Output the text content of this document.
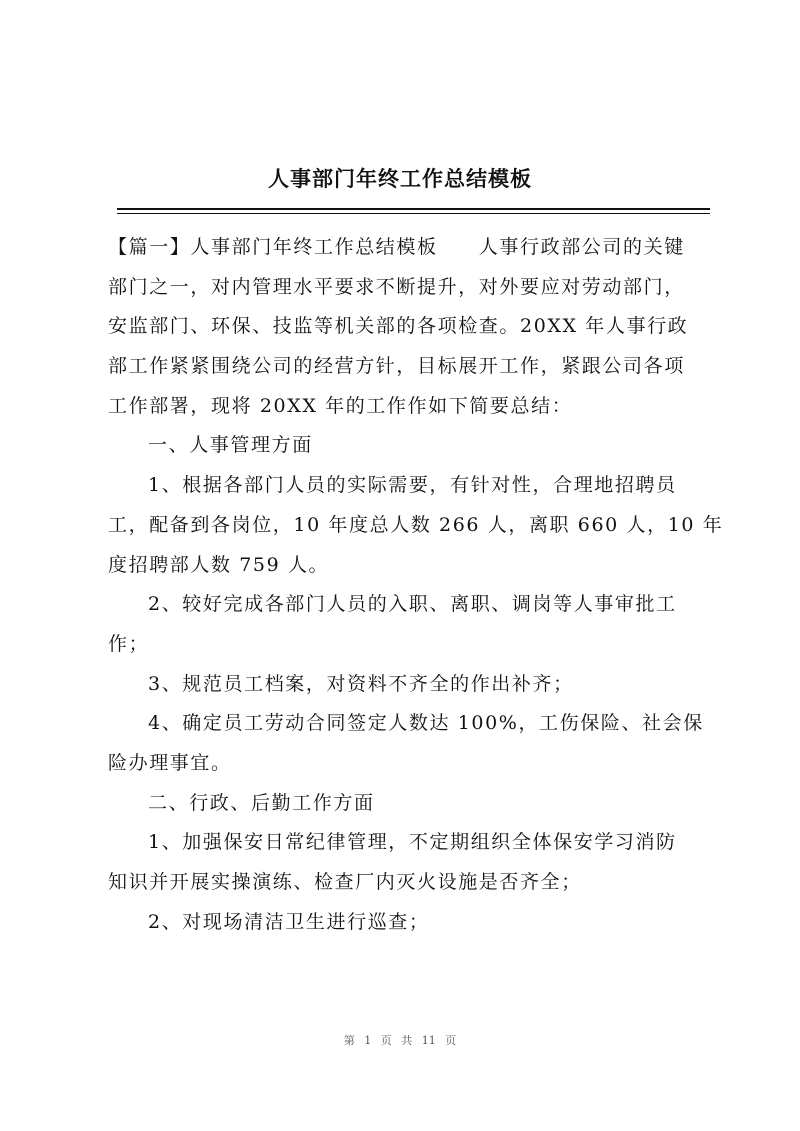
人事部门年终工作总结模板
【篇一】人事部门年终工作总结模板　　人事行政部公司的关键
部门之一，对内管理水平要求不断提升，对外要应对劳动部门，
安监部门、环保、技监等机关部的各项检查。20XX 年人事行政
部工作紧紧围绕公司的经营方针，目标展开工作，紧跟公司各项
工作部署，现将 20XX 年的工作作如下简要总结：
一、人事管理方面
1、根据各部门人员的实际需要，有针对性，合理地招聘员
工，配备到各岗位，10 年度总人数 266 人，离职 660 人，10 年
度招聘部人数 759 人。
2、较好完成各部门人员的入职、离职、调岗等人事审批工
作；
3、规范员工档案，对资料不齐全的作出补齐；
4、确定员工劳动合同签定人数达 100%，工伤保险、社会保
险办理事宜。
二、行政、后勤工作方面
1、加强保安日常纪律管理，不定期组织全体保安学习消防
知识并开展实操演练、检查厂内灭火设施是否齐全；
2、对现场清洁卫生进行巡查；
第 1 页 共 11 页
